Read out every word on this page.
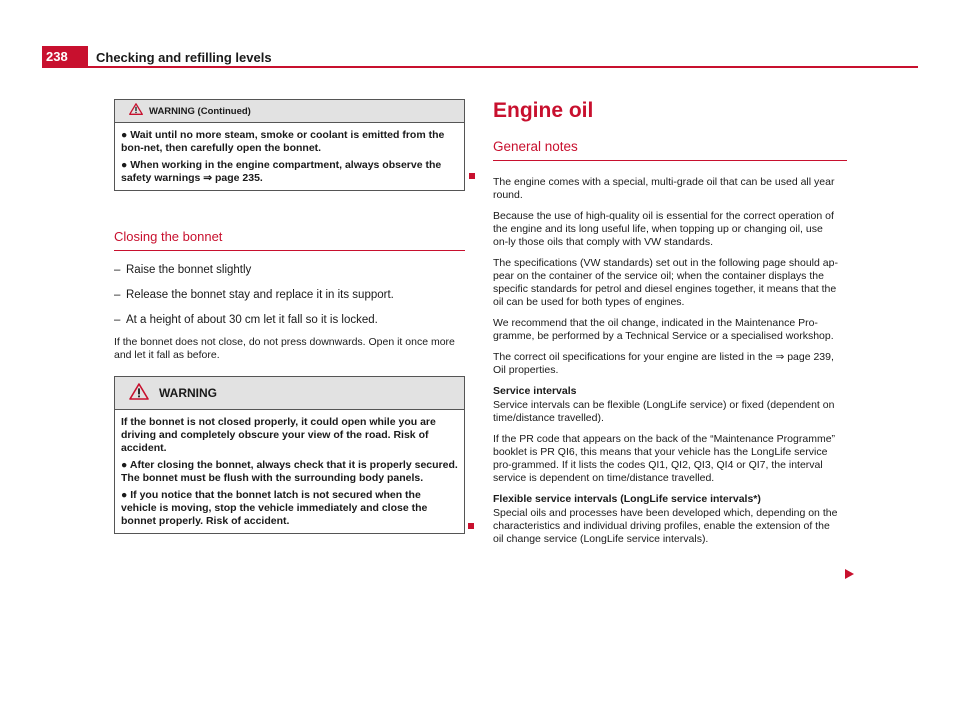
238 Checking and refilling levels
WARNING (Continued)

● Wait until no more steam, smoke or coolant is emitted from the bon-net, then carefully open the bonnet.

● When working in the engine compartment, always observe the safety warnings ⇒ page 235.

Closing the bonnet
– Raise the bonnet slightly
– Release the bonnet stay and replace it in its support.
– At a height of about 30 cm let it fall so it is locked.

If the bonnet does not close, do not press downwards. Open it once more and let it fall as before.

WARNING

If the bonnet is not closed properly, it could open while you are driving and completely obscure your view of the road. Risk of accident.

● After closing the bonnet, always check that it is properly secured. The bonnet must be flush with the surrounding body panels.

● If you notice that the bonnet latch is not secured when the vehicle is moving, stop the vehicle immediately and close the bonnet properly. Risk of accident.

Engine oil
General notes

The engine comes with a special, multi-grade oil that can be used all year round.

Because the use of high-quality oil is essential for the correct operation of the engine and its long useful life, when topping up or changing oil, use on-ly those oils that comply with VW standards.

The specifications (VW standards) set out in the following page should ap-pear on the container of the service oil; when the container displays the specific standards for petrol and diesel engines together, it means that the oil can be used for both types of engines.

We recommend that the oil change, indicated in the Maintenance Pro-gramme, be performed by a Technical Service or a specialised workshop.

The correct oil specifications for your engine are listed in the ⇒ page 239, Oil properties.

Service intervals

Service intervals can be flexible (LongLife service) or fixed (dependent on time/distance travelled).

If the PR code that appears on the back of the “Maintenance Programme” booklet is PR QI6, this means that your vehicle has the LongLife service pro-grammed. If it lists the codes QI1, QI2, QI3, QI4 or QI7, the interval service is dependent on time/distance travelled.

Flexible service intervals (LongLife service intervals*)

Special oils and processes have been developed which, depending on the characteristics and individual driving profiles, enable the extension of the oil change service (LongLife service intervals).
